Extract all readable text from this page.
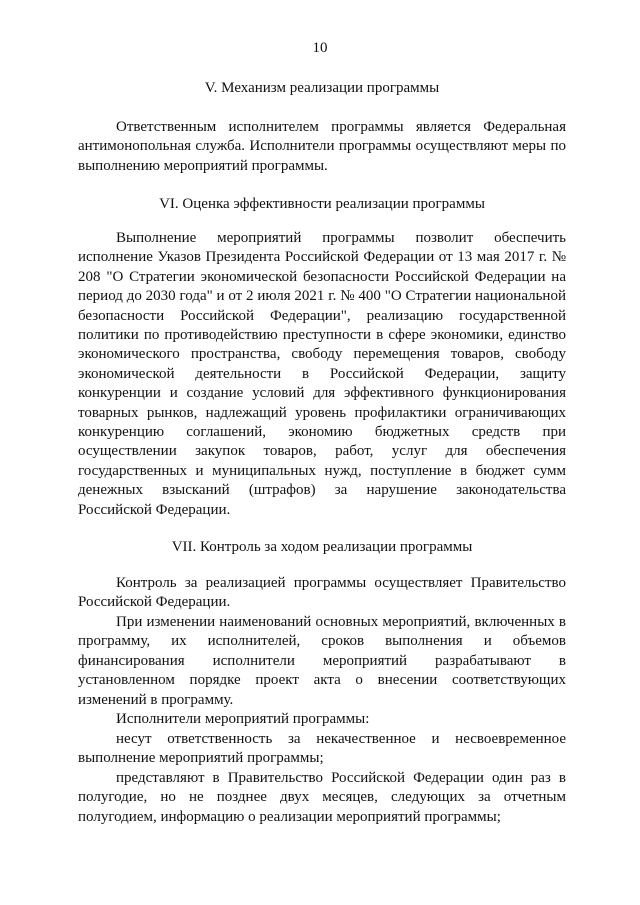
10
V. Механизм реализации программы
Ответственным исполнителем программы является Федеральная антимонопольная служба. Исполнители программы осуществляют меры по выполнению мероприятий программы.
VI. Оценка эффективности реализации программы
Выполнение мероприятий программы позволит обеспечить исполнение Указов Президента Российской Федерации от 13 мая 2017 г. № 208 "О Стратегии экономической безопасности Российской Федерации на период до 2030 года" и от 2 июля 2021 г. № 400 "О Стратегии национальной безопасности Российской Федерации", реализацию государственной политики по противодействию преступности в сфере экономики, единство экономического пространства, свободу перемещения товаров, свободу экономической деятельности в Российской Федерации, защиту конкуренции и создание условий для эффективного функционирования товарных рынков, надлежащий уровень профилактики ограничивающих конкуренцию соглашений, экономию бюджетных средств при осуществлении закупок товаров, работ, услуг для обеспечения государственных и муниципальных нужд, поступление в бюджет сумм денежных взысканий (штрафов) за нарушение законодательства Российской Федерации.
VII. Контроль за ходом реализации программы
Контроль за реализацией программы осуществляет Правительство Российской Федерации.
При изменении наименований основных мероприятий, включенных в программу, их исполнителей, сроков выполнения и объемов финансирования исполнители мероприятий разрабатывают в установленном порядке проект акта о внесении соответствующих изменений в программу.
Исполнители мероприятий программы:
несут ответственность за некачественное и несвоевременное выполнение мероприятий программы;
представляют в Правительство Российской Федерации один раз в полугодие, но не позднее двух месяцев, следующих за отчетным полугодием, информацию о реализации мероприятий программы;
